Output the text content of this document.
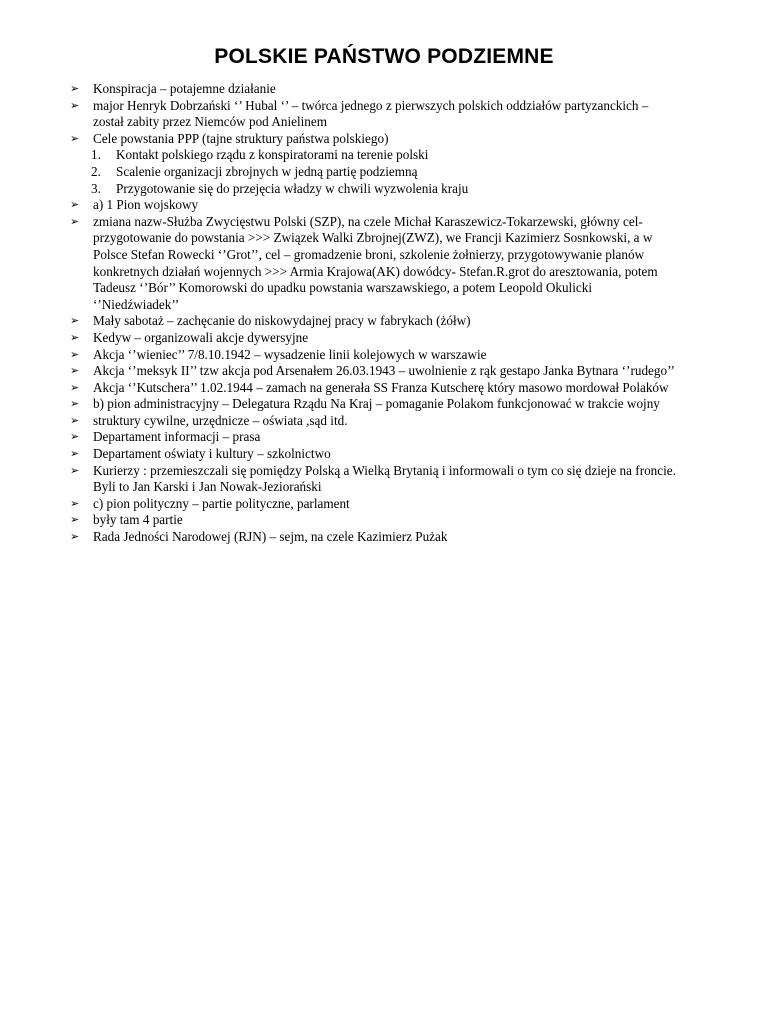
POLSKIE PAŃSTWO PODZIEMNE
➢	Konspiracja – potajemne działanie
➢	major Henryk Dobrzański ‘’ Hubal ‘’ – twórca jednego z pierwszych polskich oddziałów partyzanckich –
został zabity przez Niemców pod Anielinem
➢	Cele powstania PPP (tajne struktury państwa polskiego)
1.	Kontakt polskiego rządu z konspiratorami na terenie polski
2.	Scalenie organizacji zbrojnych w jedną partię podziemną
3.	Przygotowanie się do przejęcia władzy w chwili wyzwolenia kraju
➢	a) 1 Pion wojskowy
➢	zmiana nazw-Służba Zwycięstwu Polski (SZP), na czele Michał Karaszewicz-Tokarzewski, główny cel-
przygotowanie do powstania >>> Związek Walki Zbrojnej(ZWZ), we Francji Kazimierz Sosnkowski, a w
Polsce Stefan Rowecki ‘’Grot’’, cel – gromadzenie broni, szkolenie żołnierzy, przygotowywanie planów
konkretnych działań wojennych >>> Armia Krajowa(AK) dowódcy- Stefan.R.grot do aresztowania, potem
Tadeusz ‘’Bór’’ Komorowski do upadku powstania warszawskiego, a potem Leopold Okulicki
‘’Niedźwiadek’’
➢	Mały sabotaż – zachęcanie do niskowydajnej pracy w fabrykach (żółw)
➢	Kedyw – organizowali akcje dywersyjne
➢	Akcja ‘’wieniec’’ 7/8.10.1942 – wysadzenie linii kolejowych w warszawie
➢	Akcja ‘’meksyk II’’ tzw akcja pod Arsenałem 26.03.1943 – uwolnienie z rąk gestapo Janka Bytnara ‘’rudego’’
➢	Akcja ‘’Kutschera’’ 1.02.1944 – zamach na generała SS Franza Kutscherę który masowo mordował Polaków
➢	b) pion administracyjny – Delegatura Rządu Na Kraj – pomaganie Polakom funkcjonować w trakcie wojny
➢	struktury cywilne, urzędnicze – oświata ,sąd itd.
➢	Departament informacji – prasa
➢	Departament oświaty i kultury – szkolnictwo
➢	Kurierzy : przemieszczali się pomiędzy Polską a Wielką Brytanią i informowali o tym co się dzieje na froncie.
Byli to Jan Karski i Jan Nowak-Jeziorański
➢	c) pion polityczny – partie polityczne, parlament
➢	były tam 4 partie
➢	Rada Jedności Narodowej (RJN) – sejm, na czele Kazimierz Pużak
